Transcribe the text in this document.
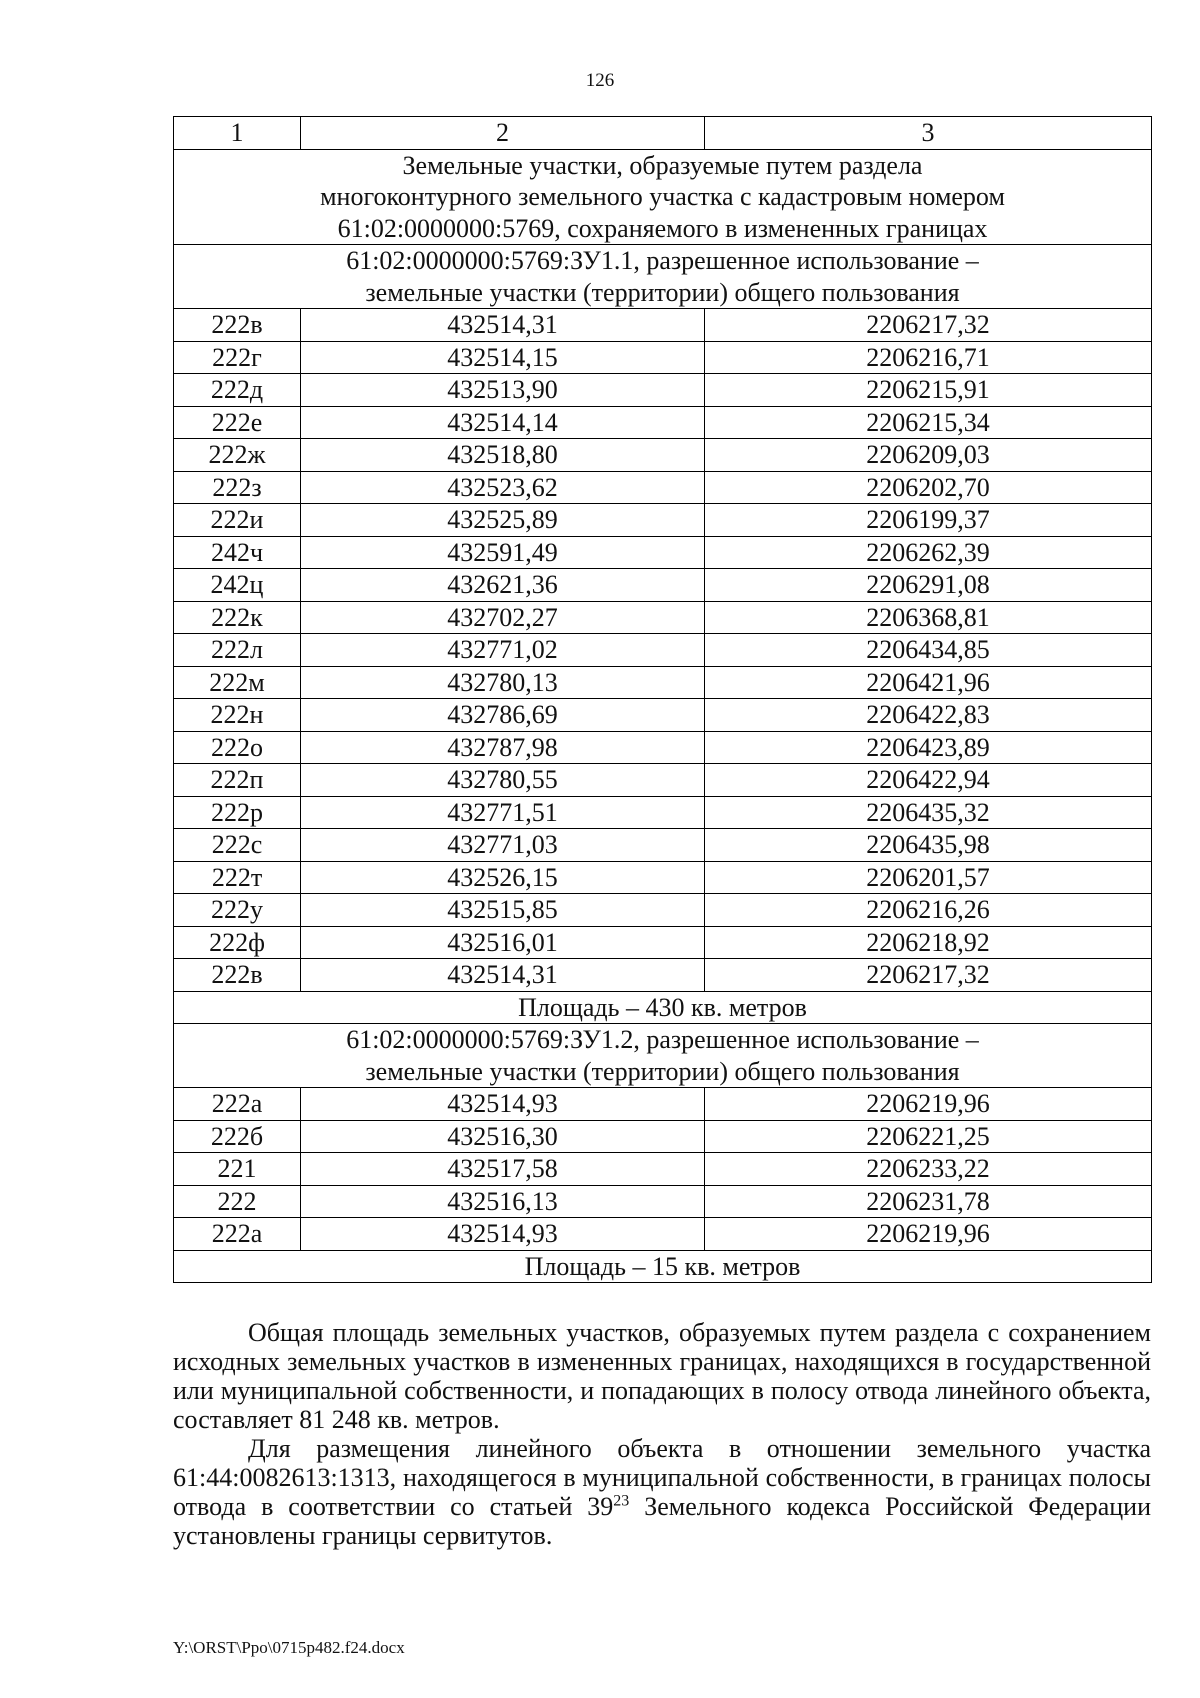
126
1	2	3

Земельные участки, образуемые путем раздела
многоконтурного земельного участка с кадастровым номером
61:02:0000000:5769, сохраняемого в измененных границах		

61:02:0000000:5769:ЗУ1.1, разрешенное использование –
земельные участки (территории) общего пользования		

222в	432514,31	2206217,32
222г	432514,15	2206216,71
222д	432513,90	2206215,91
222е	432514,14	2206215,34
222ж	432518,80	2206209,03
222з	432523,62	2206202,70
222и	432525,89	2206199,37
242ч	432591,49	2206262,39
242ц	432621,36	2206291,08
222к	432702,27	2206368,81
222л	432771,02	2206434,85
222м	432780,13	2206421,96
222н	432786,69	2206422,83
222о	432787,98	2206423,89
222п	432780,55	2206422,94
222р	432771,51	2206435,32
222с	432771,03	2206435,98
222т	432526,15	2206201,57
222у	432515,85	2206216,26
222ф	432516,01	2206218,92
222в	432514,31	2206217,32
Площадь – 430 кв. метров		

61:02:0000000:5769:ЗУ1.2, разрешенное использование –
земельные участки (территории) общего пользования		

222а	432514,93	2206219,96
222б	432516,30	2206221,25
221	432517,58	2206233,22
222	432516,13	2206231,78
222а	432514,93	2206219,96
Площадь – 15 кв. метров		

Общая площадь земельных участков, образуемых путем раздела с сохранением исходных земельных участков в измененных границах, находящихся в государственной или муниципальной собственности, и попадающих в полосу отвода линейного объекта, составляет 81 248 кв. метров.

Для размещения линейного объекта в отношении земельного участка 61:44:0082613:1313, находящегося в муниципальной собственности, в границах полосы отвода в соответствии со статьей $39^{23}$ Земельного кодекса Российской Федерации установлены границы сервитутов.

Y:\ORST\Ppo\0715p482.f24.docx
